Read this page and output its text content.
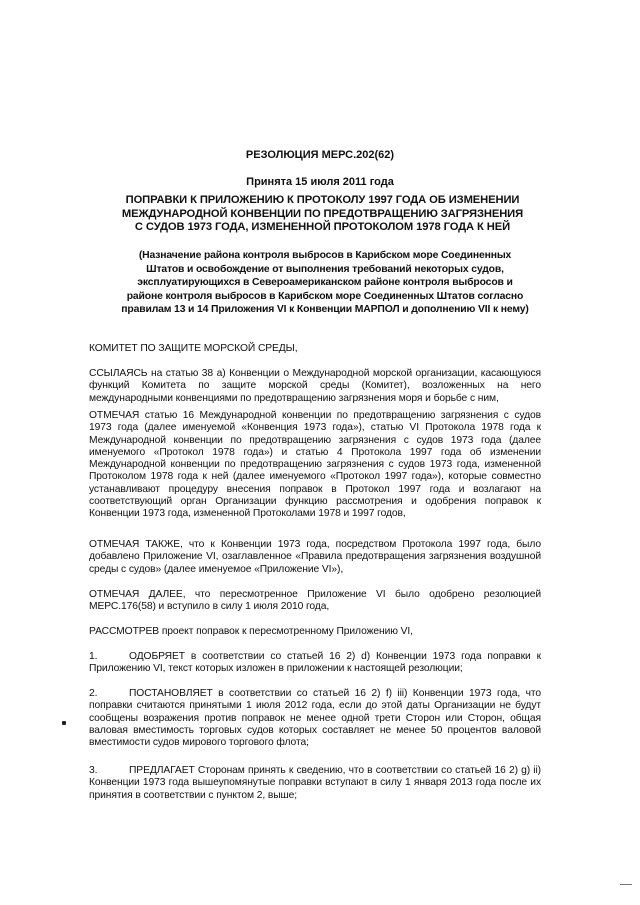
РЕЗОЛЮЦИЯ МЕРС.202(62)
Принята 15 июля 2011 года
ПОПРАВКИ К ПРИЛОЖЕНИЮ К ПРОТОКОЛУ 1997 ГОДА ОБ ИЗМЕНЕНИИ
МЕЖДУНАРОДНОЙ КОНВЕНЦИИ ПО ПРЕДОТВРАЩЕНИЮ ЗАГРЯЗНЕНИЯ
С СУДОВ 1973 ГОДА, ИЗМЕНЕННОЙ ПРОТОКОЛОМ 1978 ГОДА К НЕЙ
(Назначение района контроля выбросов в Карибском море Соединенных
Штатов и освобождение от выполнения требований некоторых судов,
эксплуатирующихся в Североамериканском районе контроля выбросов и
районе контроля выбросов в Карибском море Соединенных Штатов согласно
правилам 13 и 14 Приложения VI к Конвенции МАРПОЛ и дополнению VII к нему)
КОМИТЕТ ПО ЗАЩИТЕ МОРСКОЙ СРЕДЫ,
ССЫЛАЯСЬ на статью 38 а) Конвенции о Международной морской организации, касающуюся функций Комитета по защите морской среды (Комитет), возложенных на него международными конвенциями по предотвращению загрязнения моря и борьбе с ним,
ОТМЕЧАЯ статью 16 Международной конвенции по предотвращению загрязнения с судов 1973 года (далее именуемой «Конвенция 1973 года»), статью VI Протокола 1978 года к Международной конвенции по предотвращению загрязнения с судов 1973 года (далее именуемого «Протокол 1978 года») и статью 4 Протокола 1997 года об изменении Международной конвенции по предотвращению загрязнения с судов 1973 года, измененной Протоколом 1978 года к ней (далее именуемого «Протокол 1997 года»), которые совместно устанавливают процедуру внесения поправок в Протокол 1997 года и возлагают на соответствующий орган Организации функцию рассмотрения и одобрения поправок к Конвенции 1973 года, измененной Протоколами 1978 и 1997 годов,
ОТМЕЧАЯ ТАКЖЕ, что к Конвенции 1973 года, посредством Протокола 1997 года, было добавлено Приложение VI, озаглавленное «Правила предотвращения загрязнения воздушной среды с судов» (далее именуемое «Приложение VI»),
ОТМЕЧАЯ ДАЛЕЕ, что пересмотренное Приложение VI было одобрено резолюцией МЕРС.176(58) и вступило в силу 1 июля 2010 года,
РАССМОТРЕВ проект поправок к пересмотренному Приложению VI,
1.	ОДОБРЯЕТ в соответствии со статьей 16 2) d) Конвенции 1973 года поправки к Приложению VI, текст которых изложен в приложении к настоящей резолюции;
2.	ПОСТАНОВЛЯЕТ в соответствии со статьей 16 2) f) iii) Конвенции 1973 года, что поправки считаются принятыми 1 июля 2012 года, если до этой даты Организации не будут сообщены возражения против поправок не менее одной трети Сторон или Сторон, общая валовая вместимость торговых судов которых составляет не менее 50 процентов валовой вместимости судов мирового торгового флота;
3.	ПРЕДЛАГАЕТ Сторонам принять к сведению, что в соответствии со статьей 16 2) g) ii) Конвенции 1973 года вышеупомянутые поправки вступают в силу 1 января 2013 года после их принятия в соответствии с пунктом 2, выше;
